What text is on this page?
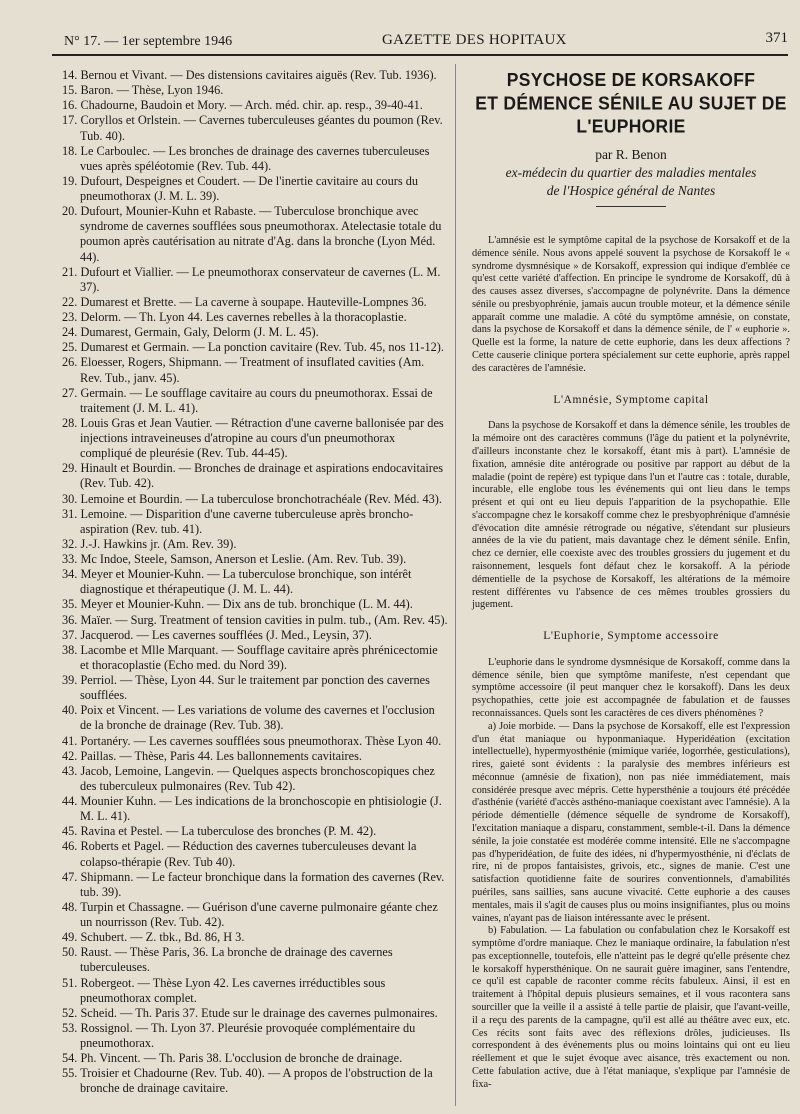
N° 17. — 1er septembre 1946	GAZETTE DES HOPITAUX	371

14. Bernou et Vivant. — Des distensions cavitaires aiguës (Rev. Tub. 1936).

15. Baron. — Thèse, Lyon 1946.

16. Chadourne, Baudoin et Mory. — Arch. méd. chir. ap. resp., 39-40-41.

17. Coryllos et Orlstein. — Cavernes tuberculeuses géantes du poumon (Rev. Tub. 40).

18. Le Carboulec. — Les bronches de drainage des cavernes tuberculeuses vues après spéléotomie (Rev. Tub. 44).

19. Dufourt, Despeignes et Coudert. — De l'inertie cavitaire au cours du pneumothorax (J. M. L. 39).

20. Dufourt, Mounier-Kuhn et Rabaste. — Tuberculose bronchique avec syndrome de cavernes soufflées sous pneumothorax. Atelectasie totale du poumon après cautérisation au nitrate d'Ag. dans la bronche (Lyon Méd. 44).

21. Dufourt et Viallier. — Le pneumothorax conservateur de cavernes (L. M. 37).

22. Dumarest et Brette. — La caverne à soupape. Hauteville-Lompnes 36.

23. Delorm. — Th. Lyon 44. Les cavernes rebelles à la thoracoplastie.

24. Dumarest, Germain, Galy, Delorm (J. M. L. 45).

25. Dumarest et Germain. — La ponction cavitaire (Rev. Tub. 45, nos 11-12).

26. Eloesser, Rogers, Shipmann. — Treatment of insuflated cavities (Am. Rev. Tub., janv. 45).

27. Germain. — Le soufflage cavitaire au cours du pneumothorax. Essai de traitement (J. M. L. 41).

28. Louis Gras et Jean Vautier. — Rétraction d'une caverne ballonisée par des injections intraveineuses d'atropine au cours d'un pneumothorax compliqué de pleurésie (Rev. Tub. 44-45).

29. Hinault et Bourdin. — Bronches de drainage et aspirations endocavitaires (Rev. Tub. 42).

30. Lemoine et Bourdin. — La tuberculose bronchotrachéale (Rev. Méd. 43).

31. Lemoine. — Disparition d'une caverne tuberculeuse après broncho-aspiration (Rev. tub. 41).

32. J.-J. Hawkins jr. (Am. Rev. 39).

33. Mc Indoe, Steele, Samson, Anerson et Leslie. (Am. Rev. Tub. 39).

34. Meyer et Mounier-Kuhn. — La tuberculose bronchique, son intérêt diagnostique et thérapeutique (J. M. L. 44).

35. Meyer et Mounier-Kuhn. — Dix ans de tub. bronchique (L. M. 44).

36. Maïer. — Surg. Treatment of tension cavities in pulm. tub., (Am. Rev. 45).

37. Jacquerod. — Les cavernes soufflées (J. Med., Leysin, 37).

38. Lacombe et Mlle Marquant. — Soufflage cavitaire après phrénicectomie et thoracoplastie (Echo med. du Nord 39).

39. Perriol. — Thèse, Lyon 44. Sur le traitement par ponction des cavernes soufflées.

40. Poix et Vincent. — Les variations de volume des cavernes et l'occlusion de la bronche de drainage (Rev. Tub. 38).

41. Portanéry. — Les cavernes soufflées sous pneumothorax. Thèse Lyon 40.

42. Paillas. — Thèse, Paris 44. Les ballonnements cavitaires.

43. Jacob, Lemoine, Langevin. — Quelques aspects bronchoscopiques chez des tuberculeux pulmonaires (Rev. Tub 42).

44. Mounier Kuhn. — Les indications de la bronchoscopie en phtisiologie (J. M. L. 41).

45. Ravina et Pestel. — La tuberculose des bronches (P. M. 42).

46. Roberts et Pagel. — Réduction des cavernes tuberculeuses devant la colapso-thérapie (Rev. Tub 40).

47. Shipmann. — Le facteur bronchique dans la formation des cavernes (Rev. tub. 39).

48. Turpin et Chassagne. — Guérison d'une caverne pulmonaire géante chez un nourrisson (Rev. Tub. 42).

49. Schubert. — Z. tbk., Bd. 86, H 3.

50. Raust. — Thèse Paris, 36. La bronche de drainage des cavernes tuberculeuses.

51. Robergeot. — Thèse Lyon 42. Les cavernes irréductibles sous pneumothorax complet.

52. Scheid. — Th. Paris 37. Etude sur le drainage des cavernes pulmonaires.

53. Rossignol. — Th. Lyon 37. Pleurésie provoquée complémentaire du pneumothorax.

54. Ph. Vincent. — Th. Paris 38. L'occlusion de bronche de drainage.

55. Troisier et Chadourne (Rev. Tub. 40). — A propos de l'obstruction de la bronche de drainage cavitaire.

PSYCHOSE DE KORSAKOFF
ET DÉMENCE SÉNILE AU SUJET DE L'EUPHORIE
par R. Benon
ex-médecin du quartier des maladies mentales
de l'Hospice général de Nantes

L'amnésie est le symptôme capital de la psychose de Korsakoff et de la démence sénile. Nous avons appelé souvent la psychose de Korsakoff le « syndrome dysmnésique » de Korsakoff, expression qui indique d'emblée ce qu'est cette variété d'affection. En principe le syndrome de Korsakoff, dû à des causes assez diverses, s'accompagne de polynévrite. Dans la démence sénile ou presbyophrénie, jamais aucun trouble moteur, et la démence sénile apparaît comme une maladie. A côté du symptôme amnésie, on constate, dans la psychose de Korsakoff et dans la démence sénile, de l' « euphorie ». Quelle est la forme, la nature de cette euphorie, dans les deux affections ? Cette causerie clinique portera spécialement sur cette euphorie, après rappel des caractères de l'amnésie.

L'Amnésie, Symptome capital

Dans la psychose de Korsakoff et dans la démence sénile, les troubles de la mémoire ont des caractères communs (l'âge du patient et la polynévrite, d'ailleurs inconstante chez le korsakoff, étant mis à part). L'amnésie de fixation, amnésie dite antérograde ou positive par rapport au début de la maladie (point de repère) est typique dans l'un et l'autre cas : totale, durable, incurable, elle englobe tous les événements qui ont lieu dans le temps présent et qui ont eu lieu depuis l'apparition de la psychopathie. Elle s'accompagne chez le korsakoff comme chez le presbyophrénique d'amnésie d'évocation dite amnésie rétrograde ou négative, s'étendant sur plusieurs années de la vie du patient, mais davantage chez le dément sénile. Enfin, chez ce dernier, elle coexiste avec des troubles grossiers du jugement et du raisonnement, lesquels font défaut chez le korsakoff. A la période démentielle de la psychose de Korsakoff, les altérations de la mémoire restent différentes vu l'absence de ces mêmes troubles grossiers du jugement.

L'Euphorie, Symptome accessoire

L'euphorie dans le syndrome dysmnésique de Korsakoff, comme dans la démence sénile, bien que symptôme manifeste, n'est cependant que symptôme accessoire (il peut manquer chez le korsakoff). Dans les deux psychopathies, cette joie est accompagnée de fabulation et de fausses reconnaissances. Quels sont les caractères de ces divers phénomènes ?

a) Joie morbide. — Dans la psychose de Korsakoff, elle est l'expression d'un état maniaque ou hyponmaniaque. Hyperidéation (excitation intellectuelle), hypermyosthénie (mimique variée, logorrhée, gesticulations), rires, gaieté sont évidents : la paralysie des membres inférieurs est méconnue (amnésie de fixation), non pas niée immédiatement, mais considérée presque avec mépris. Cette hypersthénie a toujours été précédée d'asthénie (variété d'accès asthéno-maniaque coexistant avec l'amnésie). A la période démentielle (démence séquelle de syndrome de Korsakoff), l'excitation maniaque a disparu, constamment, semble-t-il. Dans la démence sénile, la joie constatée est modérée comme intensité. Elle ne s'accompagne pas d'hyperidéation, de fuite des idées, ni d'hypermyosthénie, ni d'éclats de rire, ni de propos fantaisistes, grivois, etc., signes de manie. C'est une satisfaction quotidienne faite de sourires conventionnels, d'amabilités puériles, sans saillies, sans aucune vivacité. Cette euphorie a des causes mentales, mais il s'agit de causes plus ou moins insignifiantes, plus ou moins vaines, n'ayant pas de liaison intéressante avec le présent.

b) Fabulation. — La fabulation ou confabulation chez le Korsakoff est symptôme d'ordre maniaque. Chez le maniaque ordinaire, la fabulation n'est pas exceptionnelle, toutefois, elle n'atteint pas le degré qu'elle présente chez le korsakoff hypersthénique. On ne saurait guère imaginer, sans l'entendre, ce qu'il est capable de raconter comme récits fabuleux. Ainsi, il est en traitement à l'hôpital depuis plusieurs semaines, et il vous racontera sans sourciller que la veille il a assisté à telle partie de plaisir, que l'avant-veille, il a reçu des parents de la campagne, qu'il est allé au théâtre avec eux, etc. Ces récits sont faits avec des réflexions drôles, judicieuses. Ils correspondent à des événements plus ou moins lointains qui ont eu lieu réellement et que le sujet évoque avec aisance, très exactement ou non. Cette fabulation active, due à l'état maniaque, s'explique par l'amnésie de fixa-
